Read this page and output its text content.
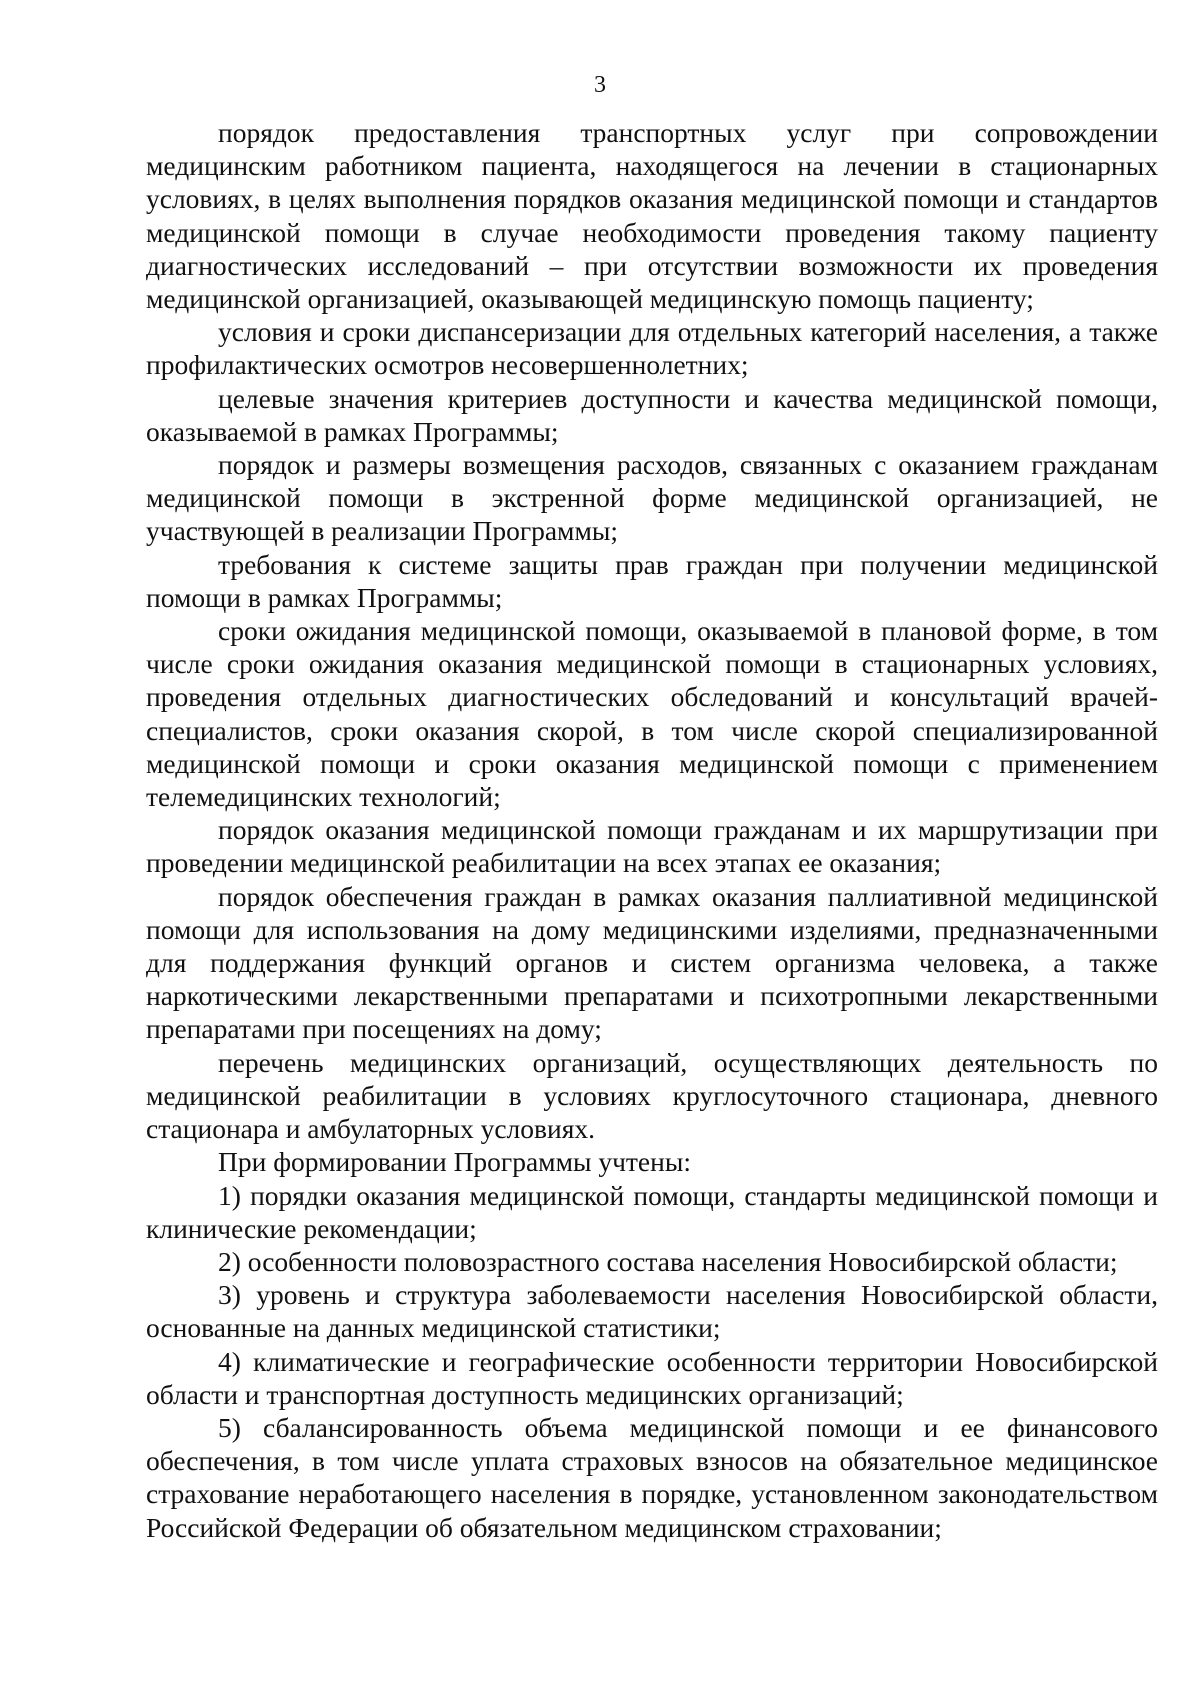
3

порядок предоставления транспортных услуг при сопровождении медицинским работником пациента, находящегося на лечении в стационарных условиях, в целях выполнения порядков оказания медицинской помощи и стандартов медицинской помощи в случае необходимости проведения такому пациенту диагностических исследований – при отсутствии возможности их проведения медицинской организацией, оказывающей медицинскую помощь пациенту;

условия и сроки диспансеризации для отдельных категорий населения, а также профилактических осмотров несовершеннолетних;

целевые значения критериев доступности и качества медицинской помощи, оказываемой в рамках Программы;

порядок и размеры возмещения расходов, связанных с оказанием гражданам медицинской помощи в экстренной форме медицинской организацией, не участвующей в реализации Программы;

требования к системе защиты прав граждан при получении медицинской помощи в рамках Программы;

сроки ожидания медицинской помощи, оказываемой в плановой форме, в том числе сроки ожидания оказания медицинской помощи в стационарных условиях, проведения отдельных диагностических обследований и консультаций врачей-специалистов, сроки оказания скорой, в том числе скорой специализированной медицинской помощи и сроки оказания медицинской помощи с применением телемедицинских технологий;

порядок оказания медицинской помощи гражданам и их маршрутизации при проведении медицинской реабилитации на всех этапах ее оказания;

порядок обеспечения граждан в рамках оказания паллиативной медицинской помощи для использования на дому медицинскими изделиями, предназначенными для поддержания функций органов и систем организма человека, а также наркотическими лекарственными препаратами и психотропными лекарственными препаратами при посещениях на дому;

перечень медицинских организаций, осуществляющих деятельность по медицинской реабилитации в условиях круглосуточного стационара, дневного стационара и амбулаторных условиях.

При формировании Программы учтены:

1) порядки оказания медицинской помощи, стандарты медицинской помощи и клинические рекомендации;

2) особенности половозрастного состава населения Новосибирской области;

3) уровень и структура заболеваемости населения Новосибирской области, основанные на данных медицинской статистики;

4) климатические и географические особенности территории Новосибирской области и транспортная доступность медицинских организаций;

5) сбалансированность объема медицинской помощи и ее финансового обеспечения, в том числе уплата страховых взносов на обязательное медицинское страхование неработающего населения в порядке, установленном законодательством Российской Федерации об обязательном медицинском страховании;
